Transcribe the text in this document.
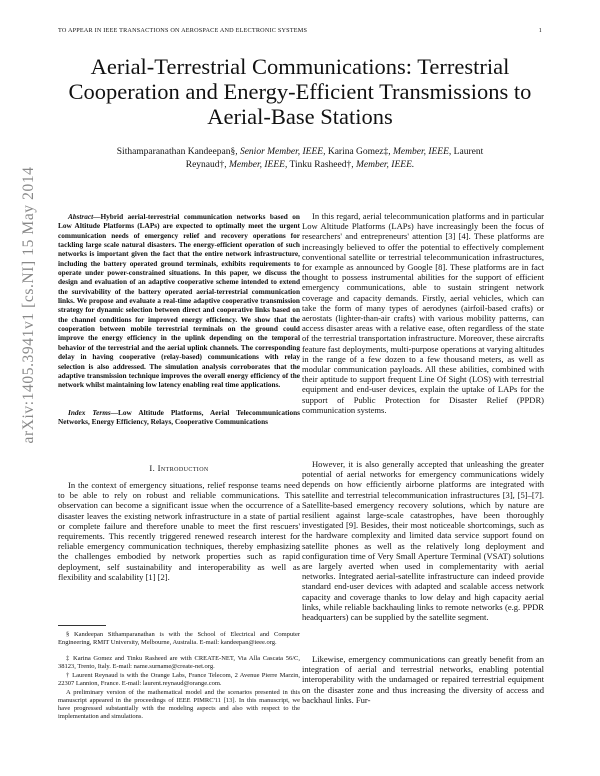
TO APPEAR IN IEEE TRANSACTIONS ON AEROSPACE AND ELECTRONIC SYSTEMS	1
arXiv:1405.3941v1 [cs.NI] 15 May 2014
Aerial-Terrestrial Communications: Terrestrial Cooperation and Energy-Efficient Transmissions to Aerial-Base Stations
Sithamparanathan Kandeepan§, Senior Member, IEEE, Karina Gomez‡, Member, IEEE, Laurent Reynaud†, Member, IEEE, Tinku Rasheed†, Member, IEEE.

Abstract—Hybrid aerial-terrestrial communication networks based on Low Altitude Platforms (LAPs) are expected to optimally meet the urgent communication needs of emergency relief and recovery operations for tackling large scale natural disasters. The energy-efficient operation of such networks is important given the fact that the entire network infrastructure, including the battery operated ground terminals, exhibits requirements to operate under power-constrained situations. In this paper, we discuss the design and evaluation of an adaptive cooperative scheme intended to extend the survivability of the battery operated aerial-terrestrial communication links. We propose and evaluate a real-time adaptive cooperative transmission strategy for dynamic selection between direct and cooperative links based on the channel conditions for improved energy efficiency. We show that the cooperation between mobile terrestrial terminals on the ground could improve the energy efficiency in the uplink depending on the temporal behavior of the terrestrial and the aerial uplink channels. The corresponding delay in having cooperative (relay-based) communications with relay selection is also addressed. The simulation analysis corroborates that the adaptive transmission technique improves the overall energy efficiency of the network whilst maintaining low latency enabling real time applications.

Index Terms—Low Altitude Platforms, Aerial Telecommunications Networks, Energy Efficiency, Relays, Cooperative Communications

I. Introduction

In the context of emergency situations, relief response teams need to be able to rely on robust and reliable communications. This observation can become a significant issue when the occurrence of a disaster leaves the existing network infrastructure in a state of partial or complete failure and therefore unable to meet the first rescuers' requirements. This recently triggered renewed research interest for reliable emergency communication techniques, thereby emphasizing the challenges embodied by network properties such as rapid deployment, self sustainability and interoperability as well as flexibility and scalability [1] [2].

§ Kandeepan Sithamparanathan is with the School of Electrical and Computer Engineering, RMIT University, Melbourne, Australia. E-mail: kandeepan@ieee.org.

‡ Karina Gomez and Tinku Rasheed are with CREATE-NET, Via Alla Cascata 56/C, 38123, Trento, Italy. E-mail: name.surname@create-net.org.

† Laurent Reynaud is with the Orange Labs, France Telecom, 2 Avenue Pierre Marzin, 22307 Lannion, France. E-mail: laurent.reynaud@orange.com.

A preliminary version of the mathematical model and the scenarios presented in this manuscript appeared in the proceedings of IEEE PIMRC'11 [13]. In this manuscript, we have progressed substantially with the modeling aspects and also with respect to the implementation and simulations.

In this regard, aerial telecommunication platforms and in particular Low Altitude Platforms (LAPs) have increasingly been the focus of researchers' and entrepreneurs' attention [3] [4]. These platforms are increasingly believed to offer the potential to effectively complement conventional satellite or terrestrial telecommunication infrastructures, for example as announced by Google [8]. These platforms are in fact thought to possess instrumental abilities for the support of efficient emergency communications, able to sustain stringent network coverage and capacity demands. Firstly, aerial vehicles, which can take the form of many types of aerodynes (airfoil-based crafts) or aerostats (lighter-than-air crafts) with various mobility patterns, can access disaster areas with a relative ease, often regardless of the state of the terrestrial transportation infrastructure. Moreover, these aircrafts feature fast deployments, multi-purpose operations at varying altitudes in the range of a few dozen to a few thousand meters, as well as modular communication payloads. All these abilities, combined with their aptitude to support frequent Line Of Sight (LOS) with terrestrial equipment and end-user devices, explain the uptake of LAPs for the support of Public Protection for Disaster Relief (PPDR) communication systems.

However, it is also generally accepted that unleashing the greater potential of aerial networks for emergency communications widely depends on how efficiently airborne platforms are integrated with satellite and terrestrial telecommunication infrastructures [3], [5]–[7]. Satellite-based emergency recovery solutions, which by nature are resilient against large-scale catastrophes, have been thoroughly investigated [9]. Besides, their most noticeable shortcomings, such as the hardware complexity and limited data service support found on satellite phones as well as the relatively long deployment and configuration time of Very Small Aperture Terminal (VSAT) solutions are largely averted when used in complementarity with aerial networks. Integrated aerial-satellite infrastructure can indeed provide standard end-user devices with adapted and scalable access network capacity and coverage thanks to low delay and high capacity aerial links, while reliable backhauling links to remote networks (e.g. PPDR headquarters) can be supplied by the satellite segment.

Likewise, emergency communications can greatly benefit from an integration of aerial and terrestrial networks, enabling potential interoperability with the undamaged or repaired terrestrial equipment on the disaster zone and thus increasing the diversity of access and backhaul links. Fur-
